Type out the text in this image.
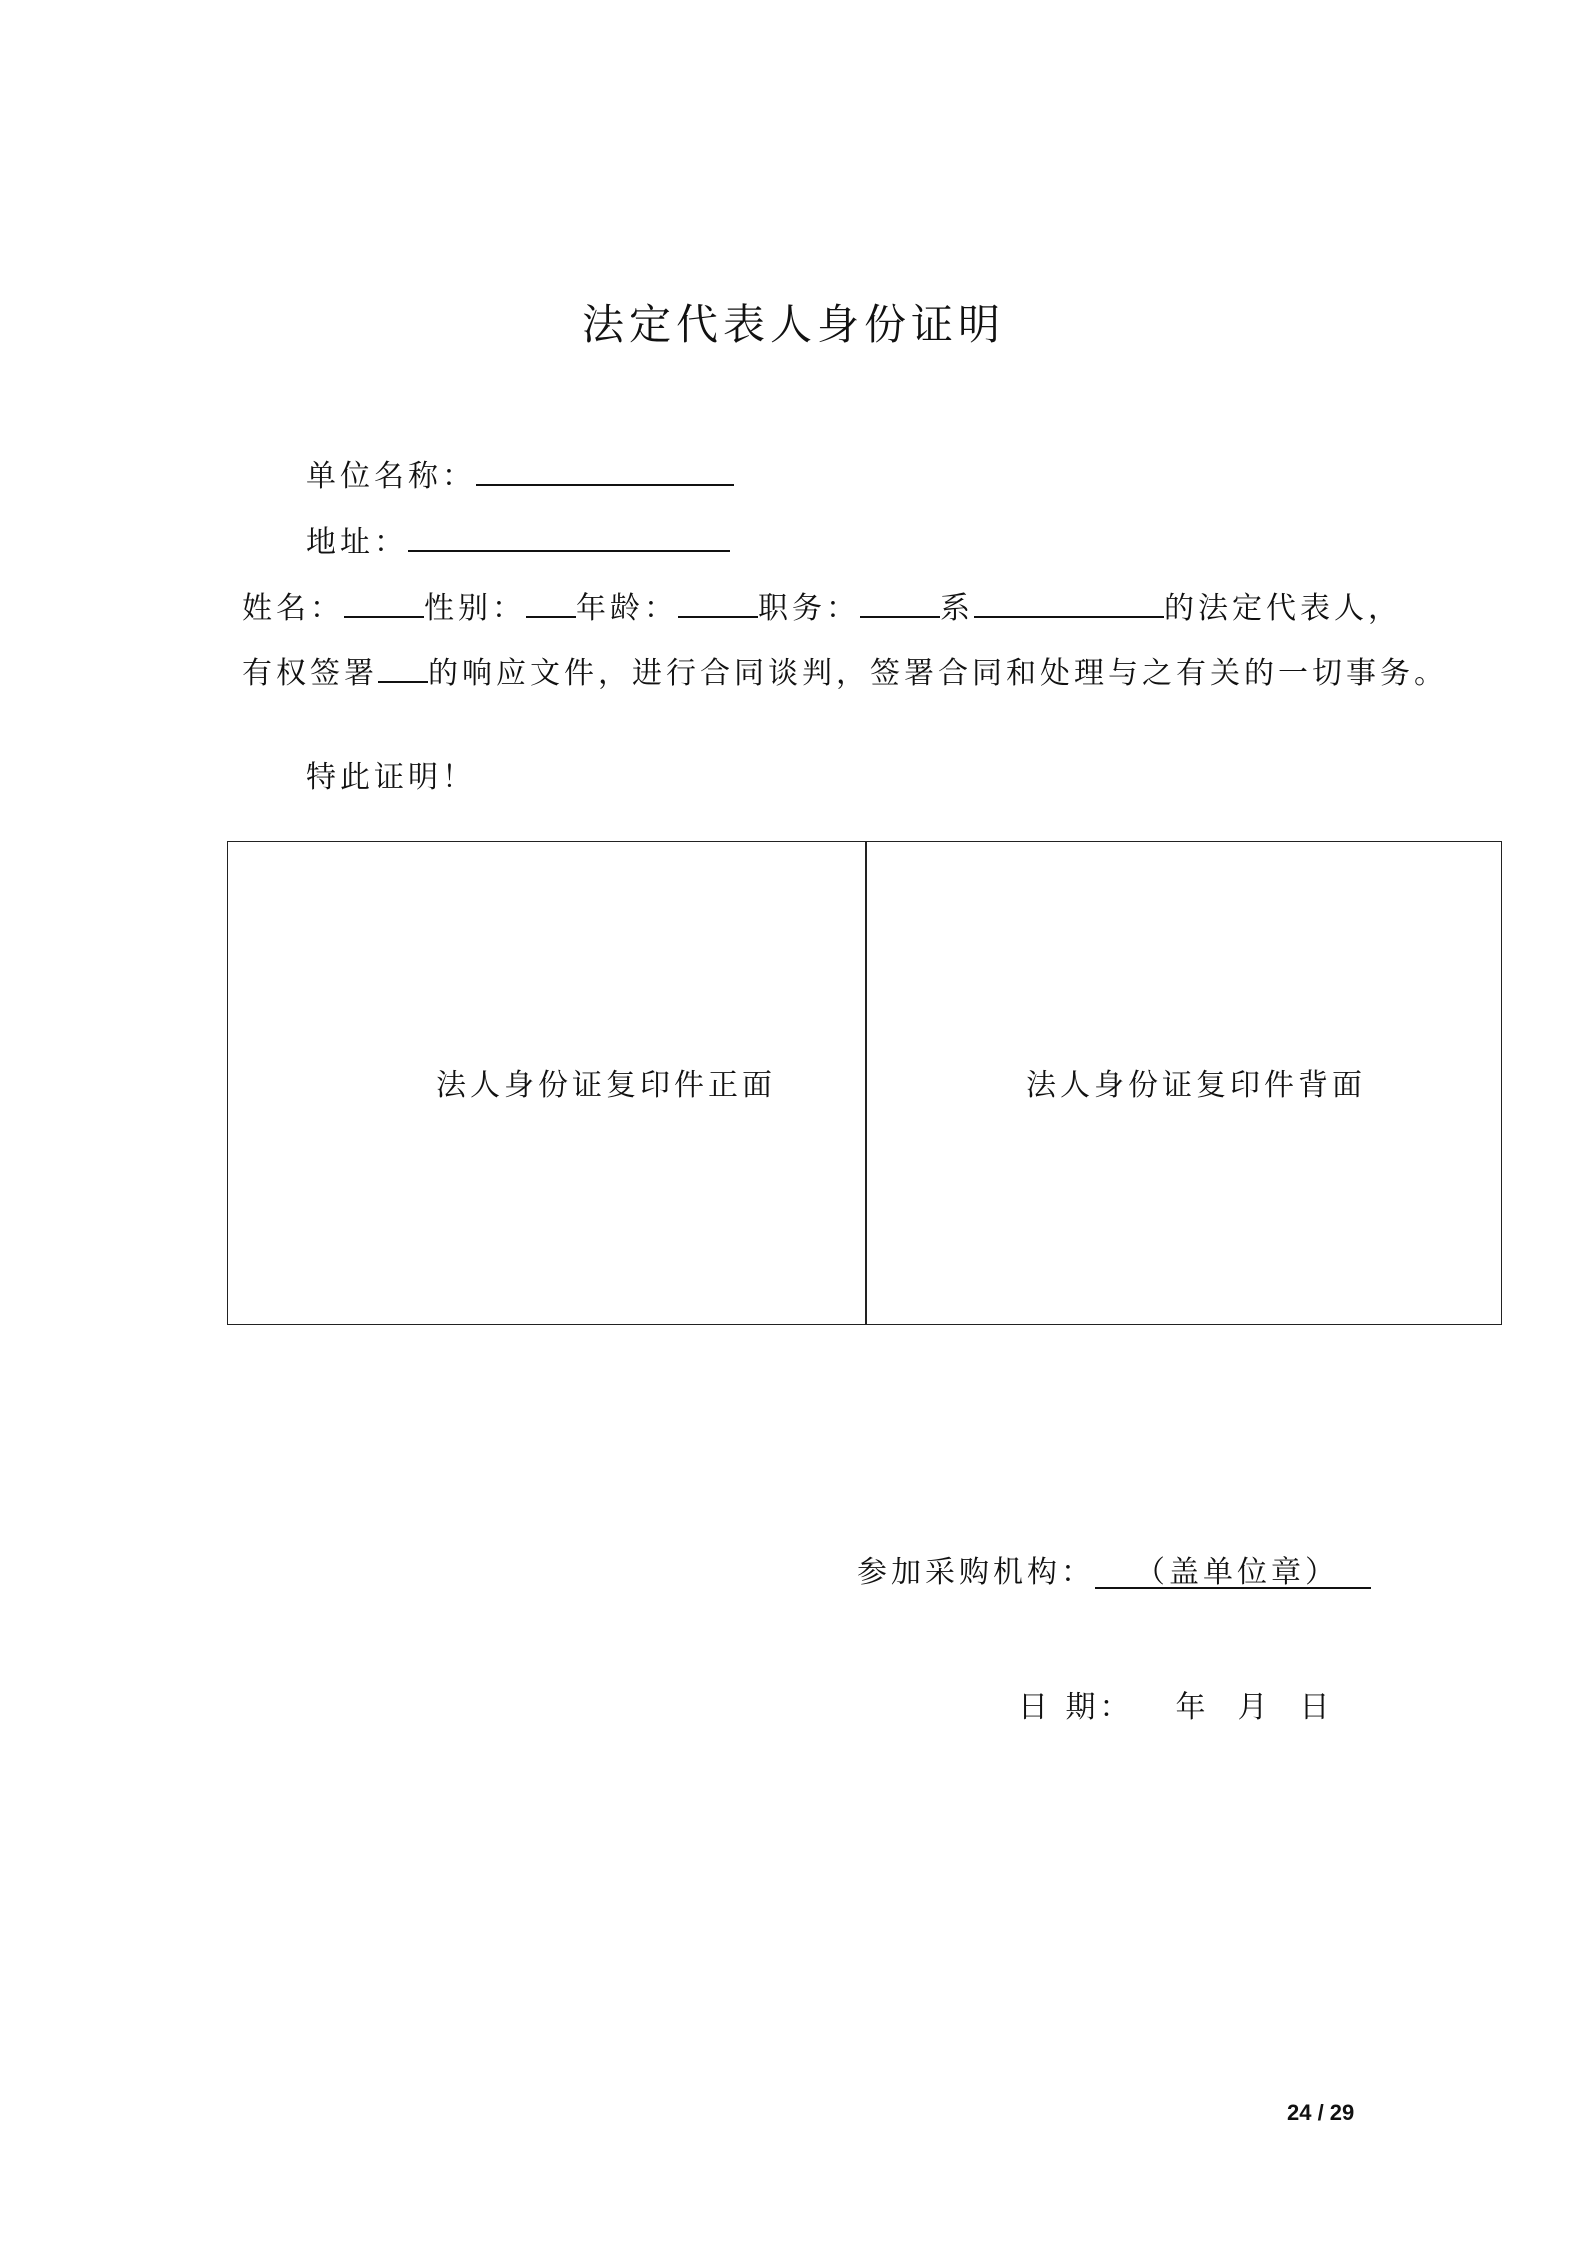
法定代表人身份证明
单位名称：
地址：
姓名：	性别： 年龄：	职务：	系	的法定代表人，
有权签署 的响应文件，进行合同谈判，签署合同和处理与之有关的一切事务。
特此证明！
法人身份证复印件正面	法人身份证复印件背面
参加采购机构： （盖单位章）
日 期： 年 月 日
24 / 29
